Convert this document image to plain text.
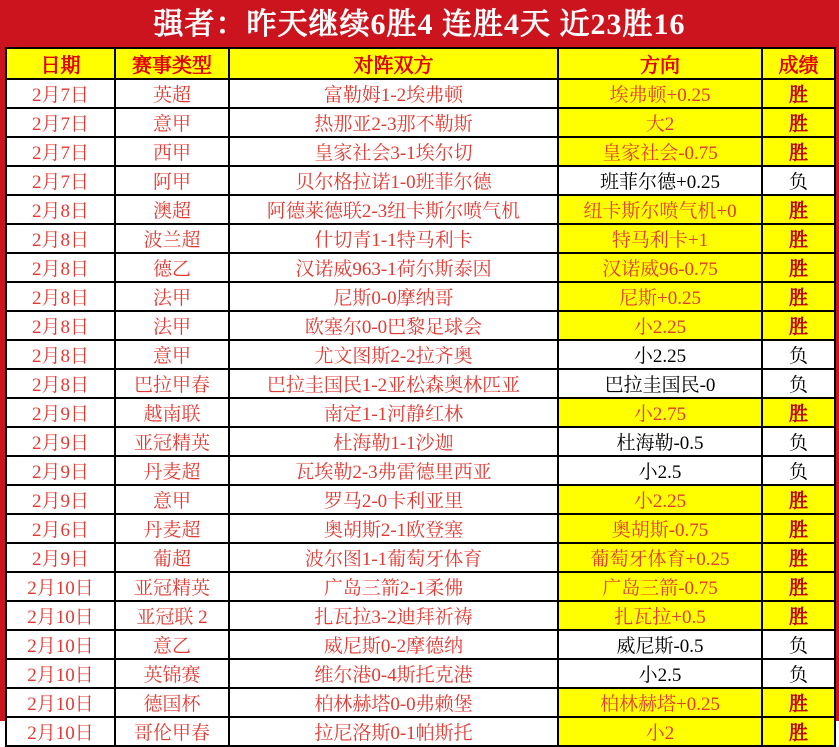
强者：昨天继续6胜4 连胜4天 近23胜16
日期	赛事类型	对阵双方	方向	成绩
2月7日	英超	富勒姆1-2埃弗顿	埃弗顿+0.25	胜
2月7日	意甲	热那亚2-3那不勒斯	大2	胜
2月7日	西甲	皇家社会3-1埃尔切	皇家社会-0.75	胜
2月7日	阿甲	贝尔格拉诺1-0班菲尔德	班菲尔德+0.25	负
2月8日	澳超	阿德莱德联2-3纽卡斯尔喷气机	纽卡斯尔喷气机+0	胜
2月8日	波兰超	什切青1-1特马利卡	特马利卡+1	胜
2月8日	德乙	汉诺威963-1荷尔斯泰因	汉诺威96-0.75	胜
2月8日	法甲	尼斯0-0摩纳哥	尼斯+0.25	胜
2月8日	法甲	欧塞尔0-0巴黎足球会	小2.25	胜
2月8日	意甲	尤文图斯2-2拉齐奥	小2.25	负
2月8日	巴拉甲春	巴拉圭国民1-2亚松森奥林匹亚	巴拉圭国民-0	负
2月9日	越南联	南定1-1河静红林	小2.75	胜
2月9日	亚冠精英	杜海勒1-1沙迦	杜海勒-0.5	负
2月9日	丹麦超	瓦埃勒2-3弗雷德里西亚	小2.5	负
2月9日	意甲	罗马2-0卡利亚里	小2.25	胜
2月6日	丹麦超	奥胡斯2-1欧登塞	奥胡斯-0.75	胜
2月9日	葡超	波尔图1-1葡萄牙体育	葡萄牙体育+0.25	胜
2月10日	亚冠精英	广岛三箭2-1柔佛	广岛三箭-0.75	胜
2月10日	亚冠联 2	扎瓦拉3-2迪拜祈祷	扎瓦拉+0.5	胜
2月10日	意乙	威尼斯0-2摩德纳	威尼斯-0.5	负
2月10日	英锦赛	维尔港0-4斯托克港	小2.5	负
2月10日	德国杯	柏林赫塔0-0弗赖堡	柏林赫塔+0.25	胜
2月10日	哥伦甲春	拉尼洛斯0-1帕斯托	小2	胜
